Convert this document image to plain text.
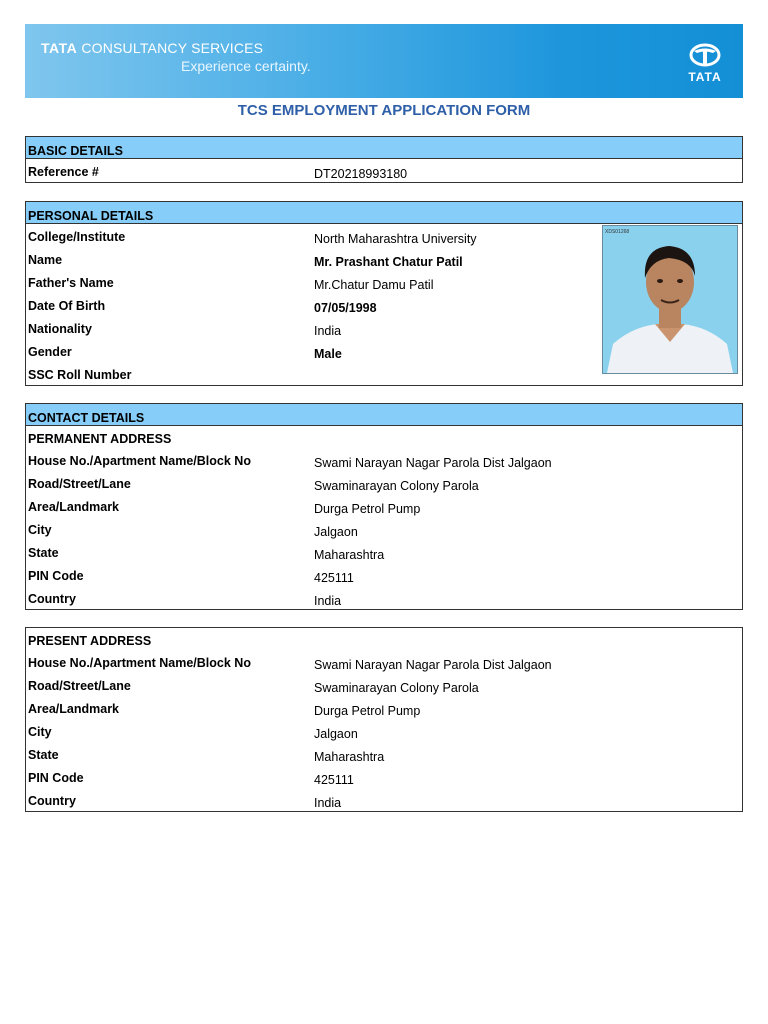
TATA CONSULTANCY SERVICES
Experience certainty.
TATA
TCS EMPLOYMENT APPLICATION FORM
BASIC DETAILS
Reference #	DT20218993180
PERSONAL DETAILS
College/Institute	North Maharashtra University
Name	Mr. Prashant Chatur Patil
Father's Name	Mr.Chatur Damu Patil
Date Of Birth	07/05/1998
Nationality	India
Gender	Male
SSC Roll Number
XDS01268
CONTACT DETAILS
PERMANENT ADDRESS
House No./Apartment Name/Block No	Swami Narayan Nagar Parola Dist Jalgaon
Road/Street/Lane	Swaminarayan Colony Parola
Area/Landmark	Durga Petrol Pump
City	Jalgaon
State	Maharashtra
PIN Code	425111
Country	India
PRESENT ADDRESS
House No./Apartment Name/Block No	Swami Narayan Nagar Parola Dist Jalgaon
Road/Street/Lane	Swaminarayan Colony Parola
Area/Landmark	Durga Petrol Pump
City	Jalgaon
State	Maharashtra
PIN Code	425111
Country	India
